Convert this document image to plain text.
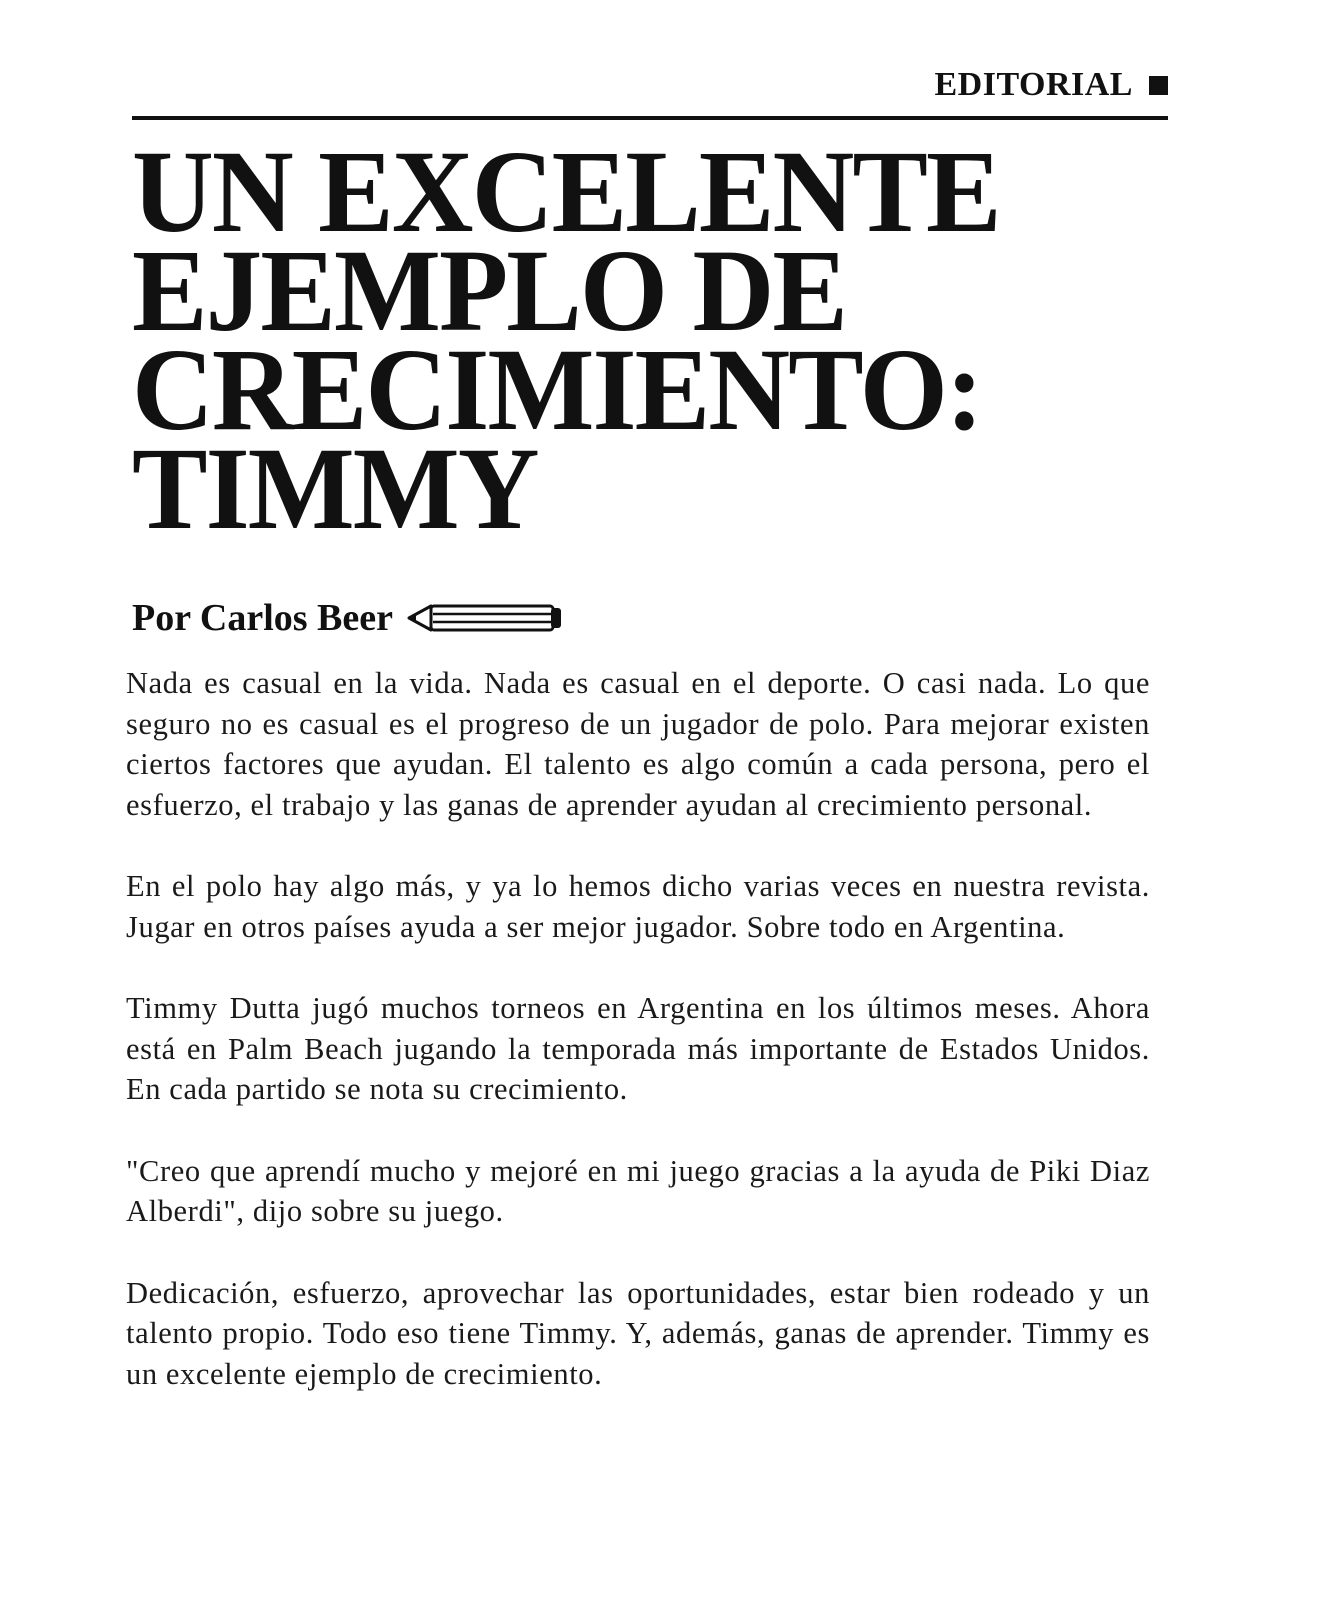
EDITORIAL
UN EXCELENTE
EJEMPLO DE
CRECIMIENTO:
TIMMY
Por Carlos Beer

Nada es casual en la vida. Nada es casual en el deporte. O casi nada. Lo que seguro no es casual es el progreso de un jugador de polo. Para mejorar existen ciertos factores que ayudan. El talento es algo común a cada persona, pero el esfuerzo, el trabajo y las ganas de aprender ayudan al crecimiento personal.

En el polo hay algo más, y ya lo hemos dicho varias veces en nuestra revista. Jugar en otros países ayuda a ser mejor jugador. Sobre todo en Argentina.

Timmy Dutta jugó muchos torneos en Argentina en los últimos meses. Ahora está en Palm Beach jugando la temporada más importante de Estados Unidos. En cada partido se nota su crecimiento.

"Creo que aprendí mucho y mejoré en mi juego gracias a la ayuda de Piki Diaz Alberdi", dijo sobre su juego.

Dedicación, esfuerzo, aprovechar las oportunidades, estar bien rodeado y un talento propio. Todo eso tiene Timmy. Y, además, ganas de aprender. Timmy es un excelente ejemplo de crecimiento.
